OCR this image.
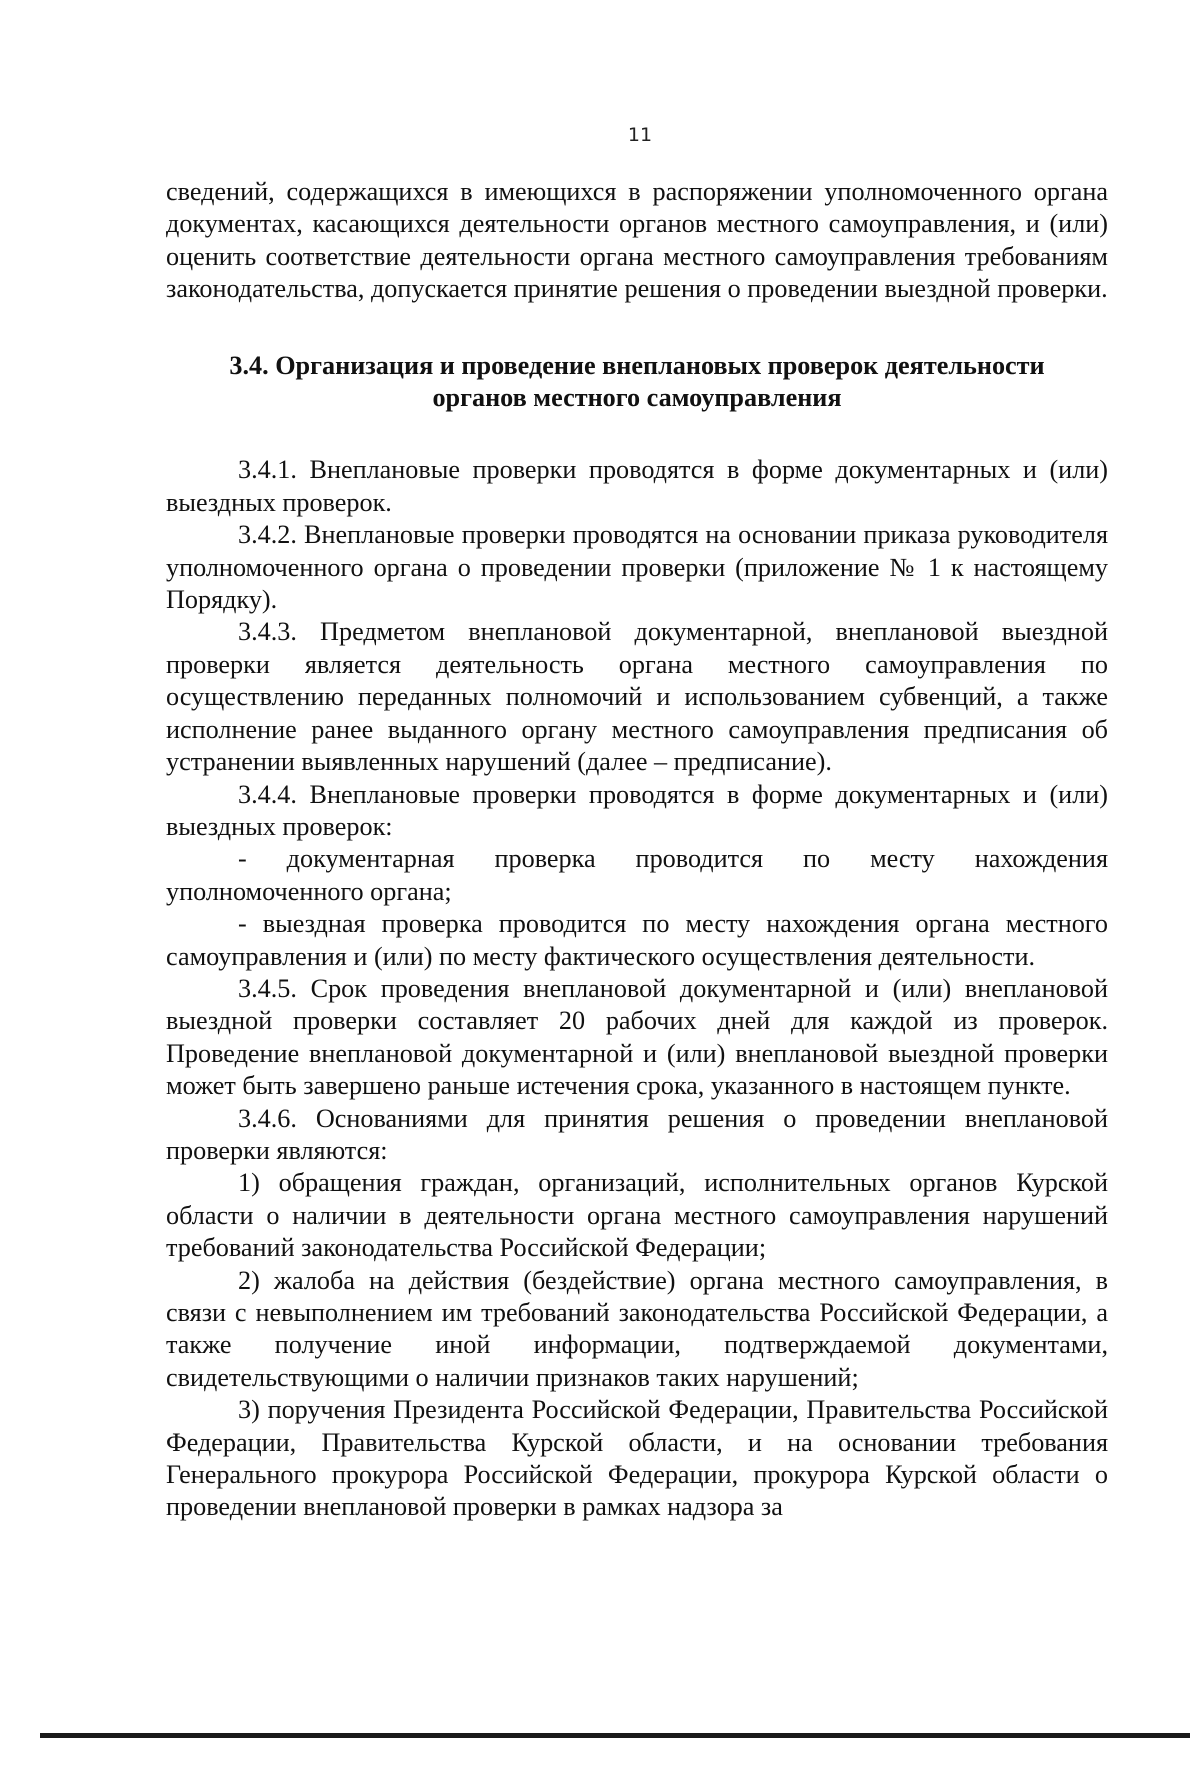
11

сведений, содержащихся в имеющихся в распоряжении уполномоченного органа документах, касающихся деятельности органов местного самоуправления, и (или) оценить соответствие деятельности органа местного самоуправления требованиям законодательства, допускается принятие решения о проведении выездной проверки.

3.4. Организация и проведение внеплановых проверок деятельности
органов местного самоуправления

3.4.1. Внеплановые проверки проводятся в форме документарных и (или) выездных проверок.

3.4.2. Внеплановые проверки проводятся на основании приказа руководителя уполномоченного органа о проведении проверки (приложение № 1 к настоящему Порядку).

3.4.3. Предметом внеплановой документарной, внеплановой выездной проверки является деятельность органа местного самоуправления по осуществлению переданных полномочий и использованием субвенций, а также исполнение ранее выданного органу местного самоуправления предписания об устранении выявленных нарушений (далее – предписание).

3.4.4. Внеплановые проверки проводятся в форме документарных и (или) выездных проверок:

- документарная проверка проводится по месту нахождения уполномоченного органа;

- выездная проверка проводится по месту нахождения органа местного самоуправления и (или) по месту фактического осуществления деятельности.

3.4.5. Срок проведения внеплановой документарной и (или) внеплановой выездной проверки составляет 20 рабочих дней для каждой из проверок. Проведение внеплановой документарной и (или) внеплановой выездной проверки может быть завершено раньше истечения срока, указанного в настоящем пункте.

3.4.6. Основаниями для принятия решения о проведении внеплановой проверки являются:

1) обращения граждан, организаций, исполнительных органов Курской области о наличии в деятельности органа местного самоуправления нарушений требований законодательства Российской Федерации;

2) жалоба на действия (бездействие) органа местного самоуправления, в связи с невыполнением им требований законодательства Российской Федерации, а также получение иной информации, подтверждаемой документами, свидетельствующими о наличии признаков таких нарушений;

3) поручения Президента Российской Федерации, Правительства Российской Федерации, Правительства Курской области, и на основании требования Генерального прокурора Российской Федерации, прокурора Курской области о проведении внеплановой проверки в рамках надзора за
